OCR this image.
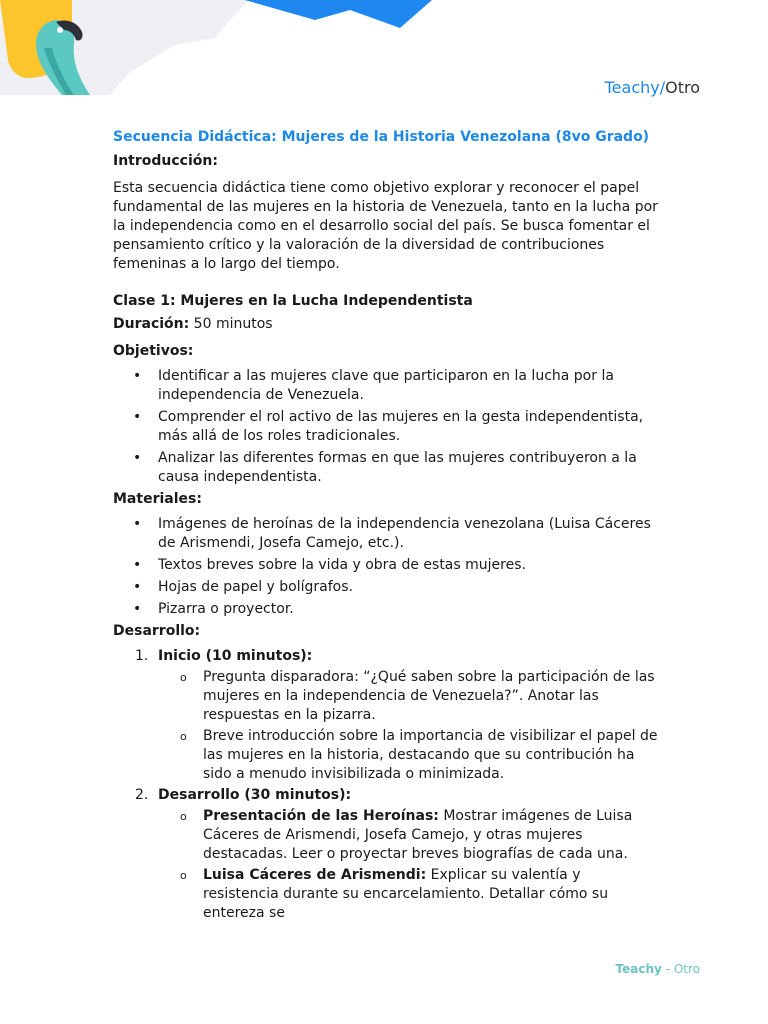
Teachy/Otro

Secuencia Didáctica: Mujeres de la Historia Venezolana (8vo Grado)

Introducción:

Esta secuencia didáctica tiene como objetivo explorar y reconocer el papel fundamental de las mujeres en la historia de Venezuela, tanto en la lucha por la independencia como en el desarrollo social del país. Se busca fomentar el pensamiento crítico y la valoración de la diversidad de contribuciones femeninas a lo largo del tiempo.

Clase 1: Mujeres en la Lucha Independentista

Duración: 50 minutos

Objetivos:

• Identificar a las mujeres clave que participaron en la lucha por la independencia de Venezuela.
• Comprender el rol activo de las mujeres en la gesta independentista, más allá de los roles tradicionales.
• Analizar las diferentes formas en que las mujeres contribuyeron a la causa independentista.

Materiales:

• Imágenes de heroínas de la independencia venezolana (Luisa Cáceres de Arismendi, Josefa Camejo, etc.).
• Textos breves sobre la vida y obra de estas mujeres.
• Hojas de papel y bolígrafos.
• Pizarra o proyector.

Desarrollo:

1. Inicio (10 minutos):
o Pregunta disparadora: “¿Qué saben sobre la participación de las mujeres en la independencia de Venezuela?”. Anotar las respuestas en la pizarra.
o Breve introducción sobre la importancia de visibilizar el papel de las mujeres en la historia, destacando que su contribución ha sido a menudo invisibilizada o minimizada.
2. Desarrollo (30 minutos):
o Presentación de las Heroínas: Mostrar imágenes de Luisa Cáceres de Arismendi, Josefa Camejo, y otras mujeres destacadas. Leer o proyectar breves biografías de cada una.
o Luisa Cáceres de Arismendi: Explicar su valentía y resistencia durante su encarcelamiento. Detallar cómo su entereza se
Teachy - Otro
